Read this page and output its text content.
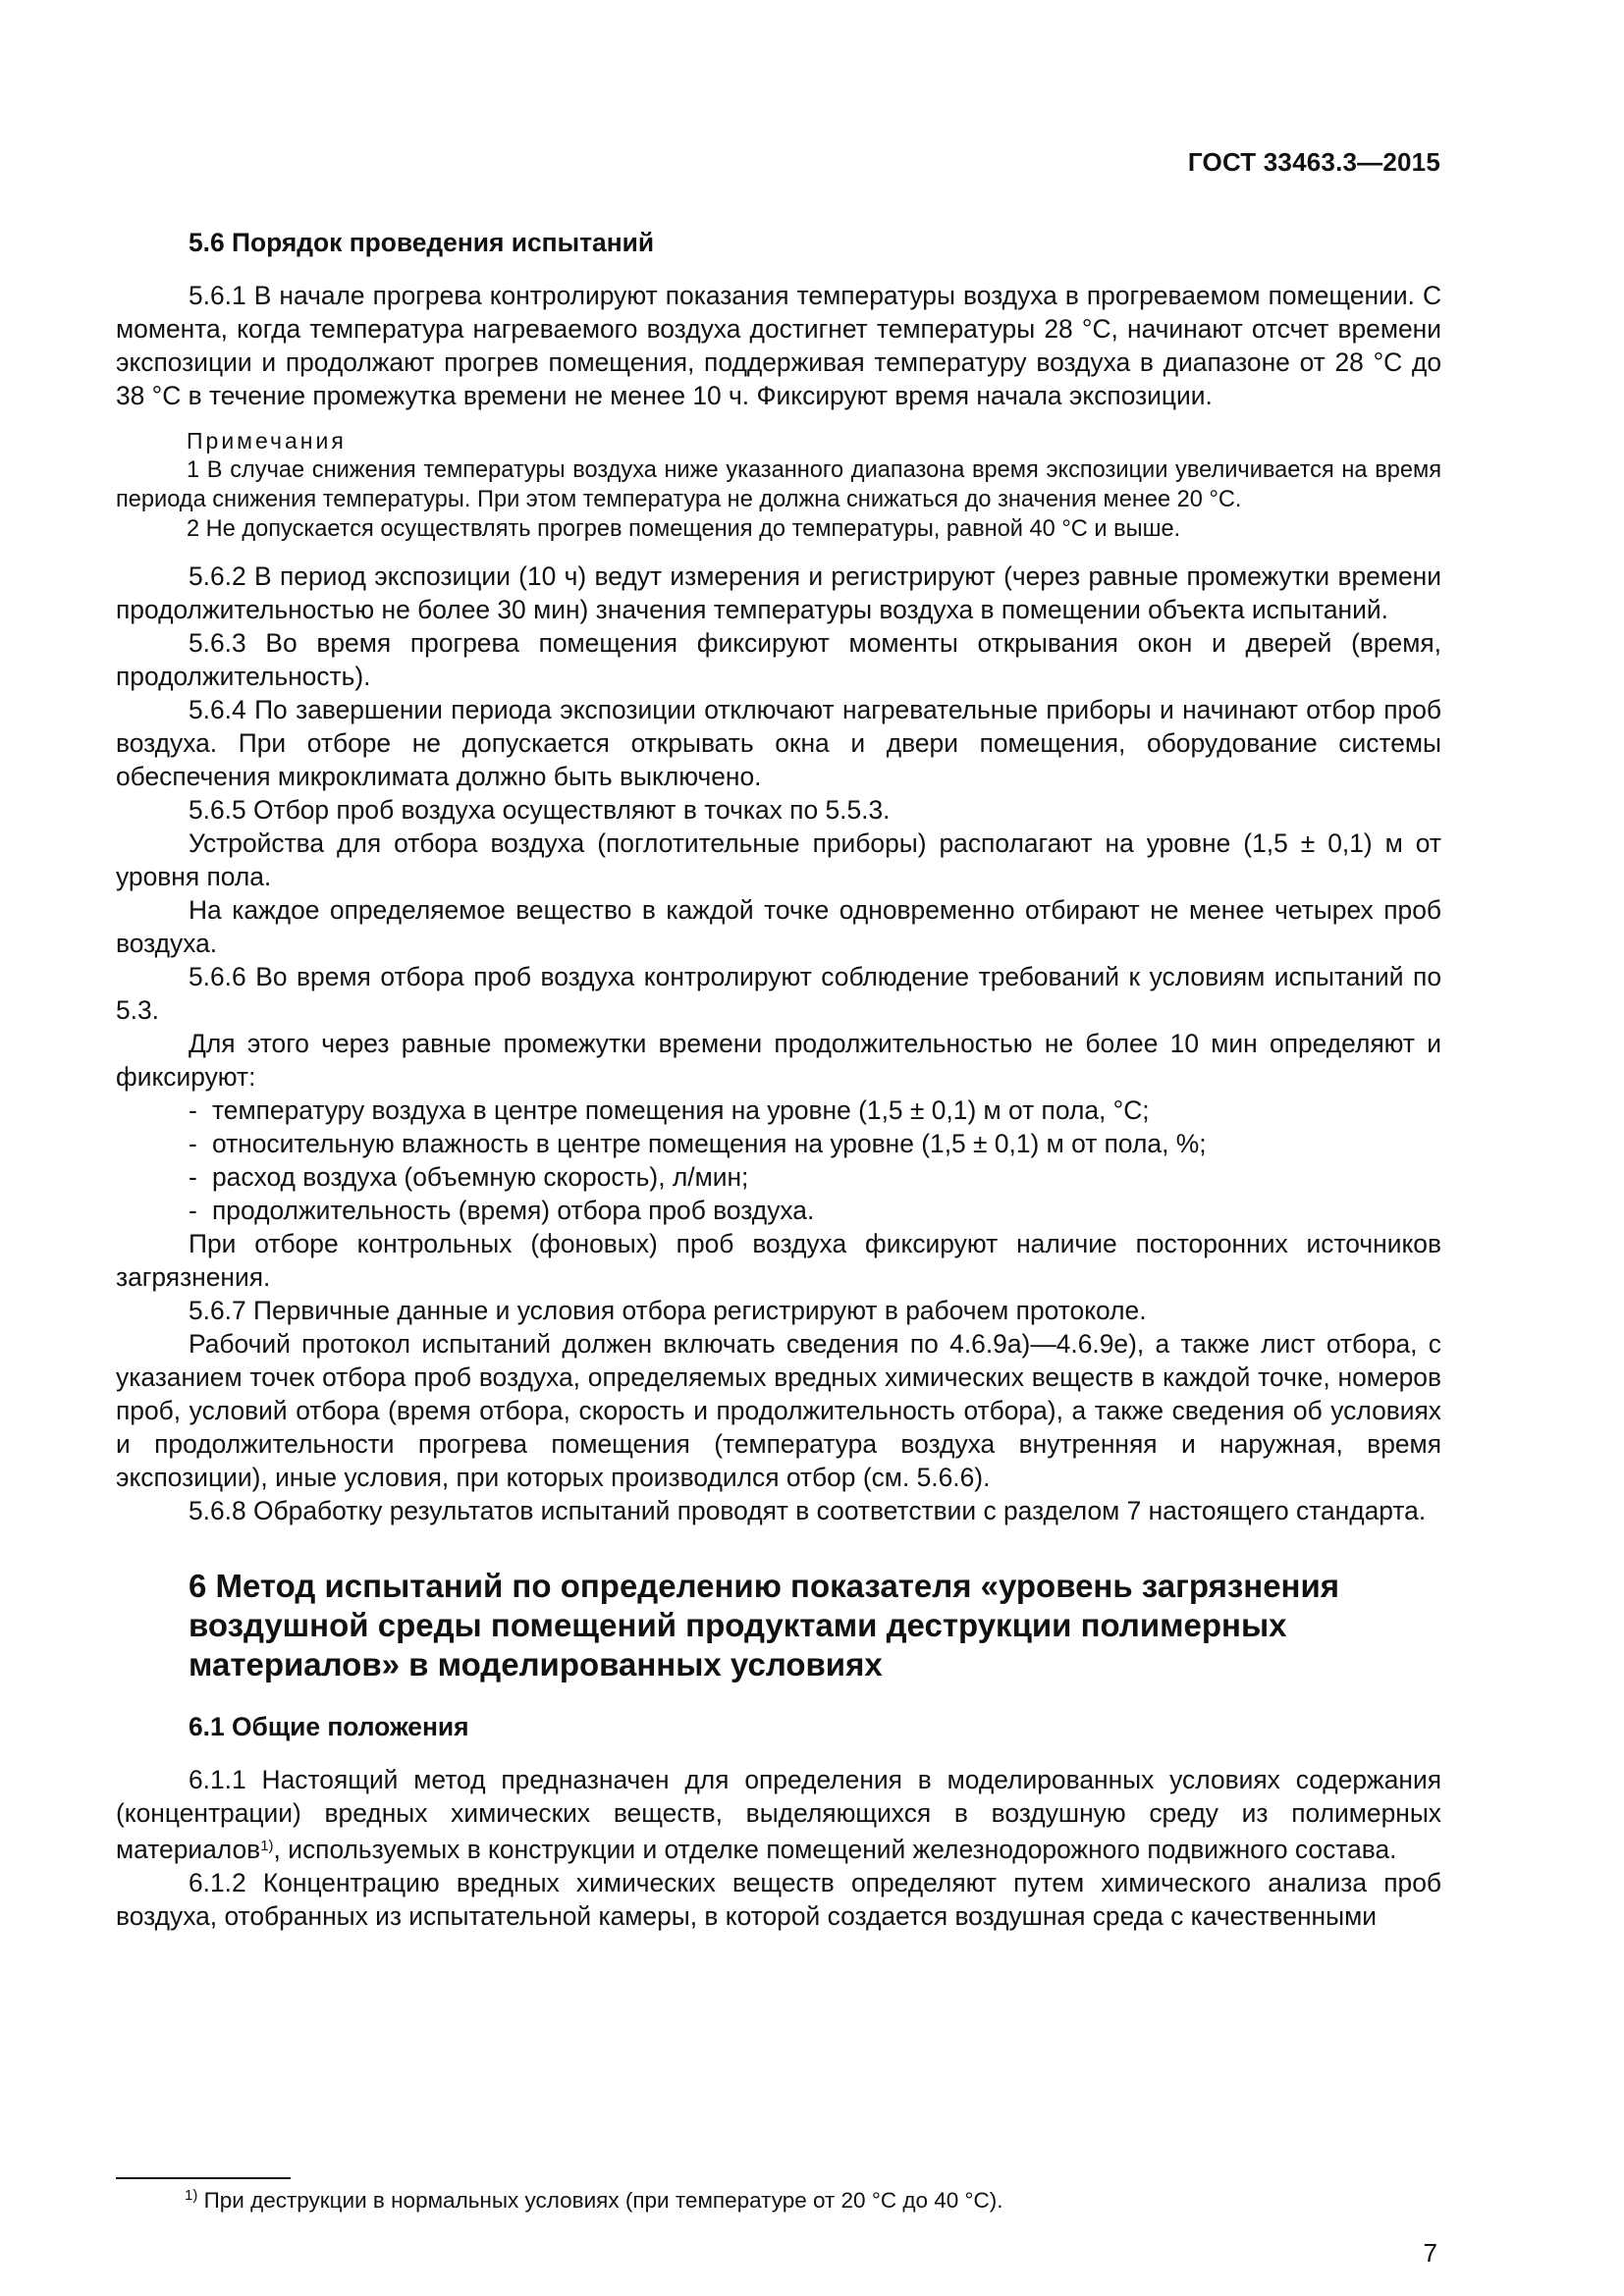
ГОСТ 33463.3—2015

5.6 Порядок проведения испытаний

5.6.1 В начале прогрева контролируют показания температуры воздуха в прогреваемом помещении. С момента, когда температура нагреваемого воздуха достигнет температуры 28 °С, начинают отсчет времени экспозиции и продолжают прогрев помещения, поддерживая температуру воздуха в диапазоне от 28 °С до 38 °С в течение промежутка времени не менее 10 ч. Фиксируют время начала экспозиции.

Примечания

1 В случае снижения температуры воздуха ниже указанного диапазона время экспозиции увеличивается на время периода снижения температуры. При этом температура не должна снижаться до значения менее 20 °С.

2 Не допускается осуществлять прогрев помещения до температуры, равной 40 °С и выше.

5.6.2 В период экспозиции (10 ч) ведут измерения и регистрируют (через равные промежутки времени продолжительностью не более 30 мин) значения температуры воздуха в помещении объекта испытаний.

5.6.3 Во время прогрева помещения фиксируют моменты открывания окон и дверей (время, продолжительность).

5.6.4 По завершении периода экспозиции отключают нагревательные приборы и начинают отбор проб воздуха. При отборе не допускается открывать окна и двери помещения, оборудование системы обеспечения микроклимата должно быть выключено.

5.6.5 Отбор проб воздуха осуществляют в точках по 5.5.3.

Устройства для отбора воздуха (поглотительные приборы) располагают на уровне (1,5 ± 0,1) м от уровня пола.

На каждое определяемое вещество в каждой точке одновременно отбирают не менее четырех проб воздуха.

5.6.6 Во время отбора проб воздуха контролируют соблюдение требований к условиям испытаний по 5.3.

Для этого через равные промежутки времени продолжительностью не более 10 мин определяют и фиксируют:

- температуру воздуха в центре помещения на уровне (1,5 ± 0,1) м от пола, °С;

- относительную влажность в центре помещения на уровне (1,5 ± 0,1) м от пола, %;

- расход воздуха (объемную скорость), л/мин;

- продолжительность (время) отбора проб воздуха.

При отборе контрольных (фоновых) проб воздуха фиксируют наличие посторонних источников загрязнения.

5.6.7 Первичные данные и условия отбора регистрируют в рабочем протоколе.

Рабочий протокол испытаний должен включать сведения по 4.6.9а)—4.6.9е), а также лист отбора, с указанием точек отбора проб воздуха, определяемых вредных химических веществ в каждой точке, номеров проб, условий отбора (время отбора, скорость и продолжительность отбора), а также сведения об условиях и продолжительности прогрева помещения (температура воздуха внутренняя и наружная, время экспозиции), иные условия, при которых производился отбор (см. 5.6.6).

5.6.8 Обработку результатов испытаний проводят в соответствии с разделом 7 настоящего стандарта.

6 Метод испытаний по определению показателя «уровень загрязнения
воздушной среды помещений продуктами деструкции полимерных
материалов» в моделированных условиях

6.1 Общие положения

6.1.1 Настоящий метод предназначен для определения в моделированных условиях содержания (концентрации) вредных химических веществ, выделяющихся в воздушную среду из полимерных материалов$^{1)}$, используемых в конструкции и отделке помещений железнодорожного подвижного состава.

6.1.2 Концентрацию вредных химических веществ определяют путем химического анализа проб воздуха, отобранных из испытательной камеры, в которой создается воздушная среда с качественными

$^{1)}$ При деструкции в нормальных условиях (при температуре от 20 °С до 40 °С).
7
